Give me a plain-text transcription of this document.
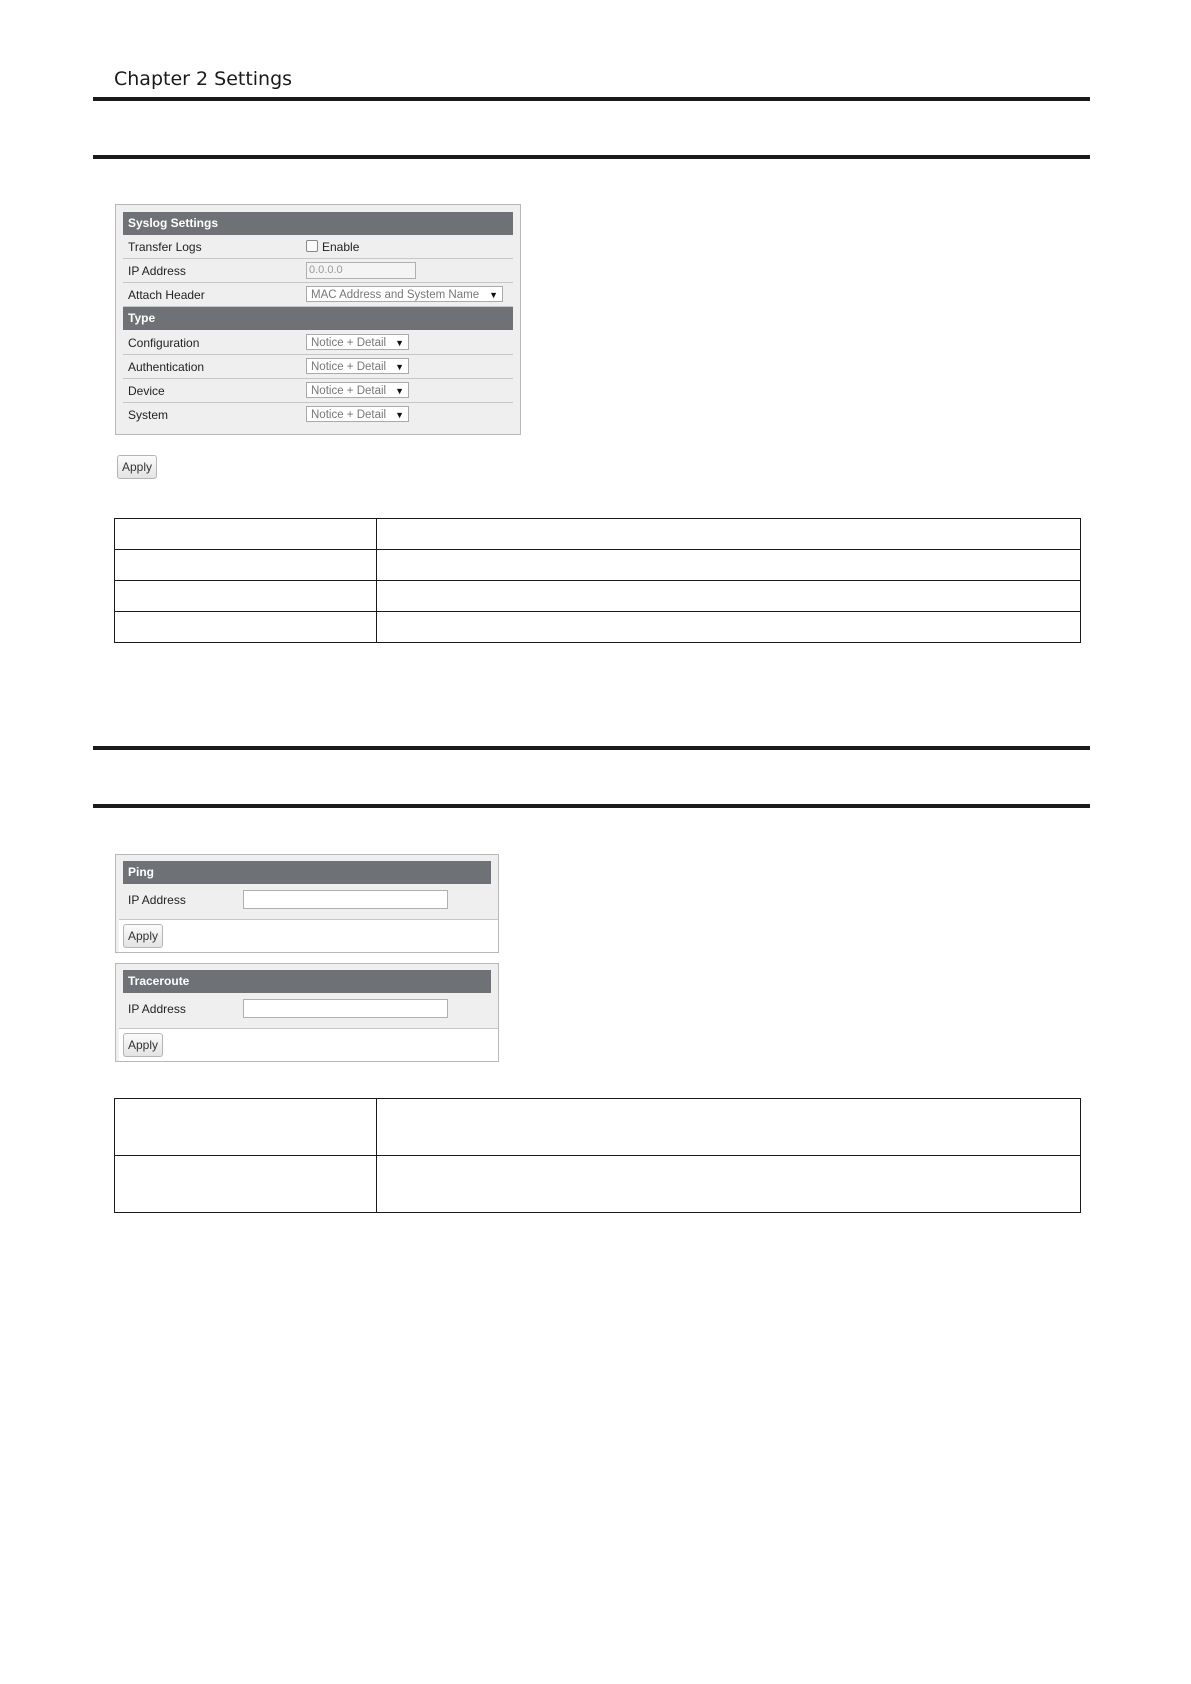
Chapter 2 Settings
Syslog Settings
Transfer Logs	Enable
IP Address	0.0.0.0
Attach Header	MAC Address and System Name ▼
Type
Configuration	Notice + Detail ▼
Authentication	Notice + Detail ▼
Device	Notice + Detail ▼
System	Notice + Detail ▼
Apply

Ping
IP Address
Apply
Traceroute
IP Address
Apply
